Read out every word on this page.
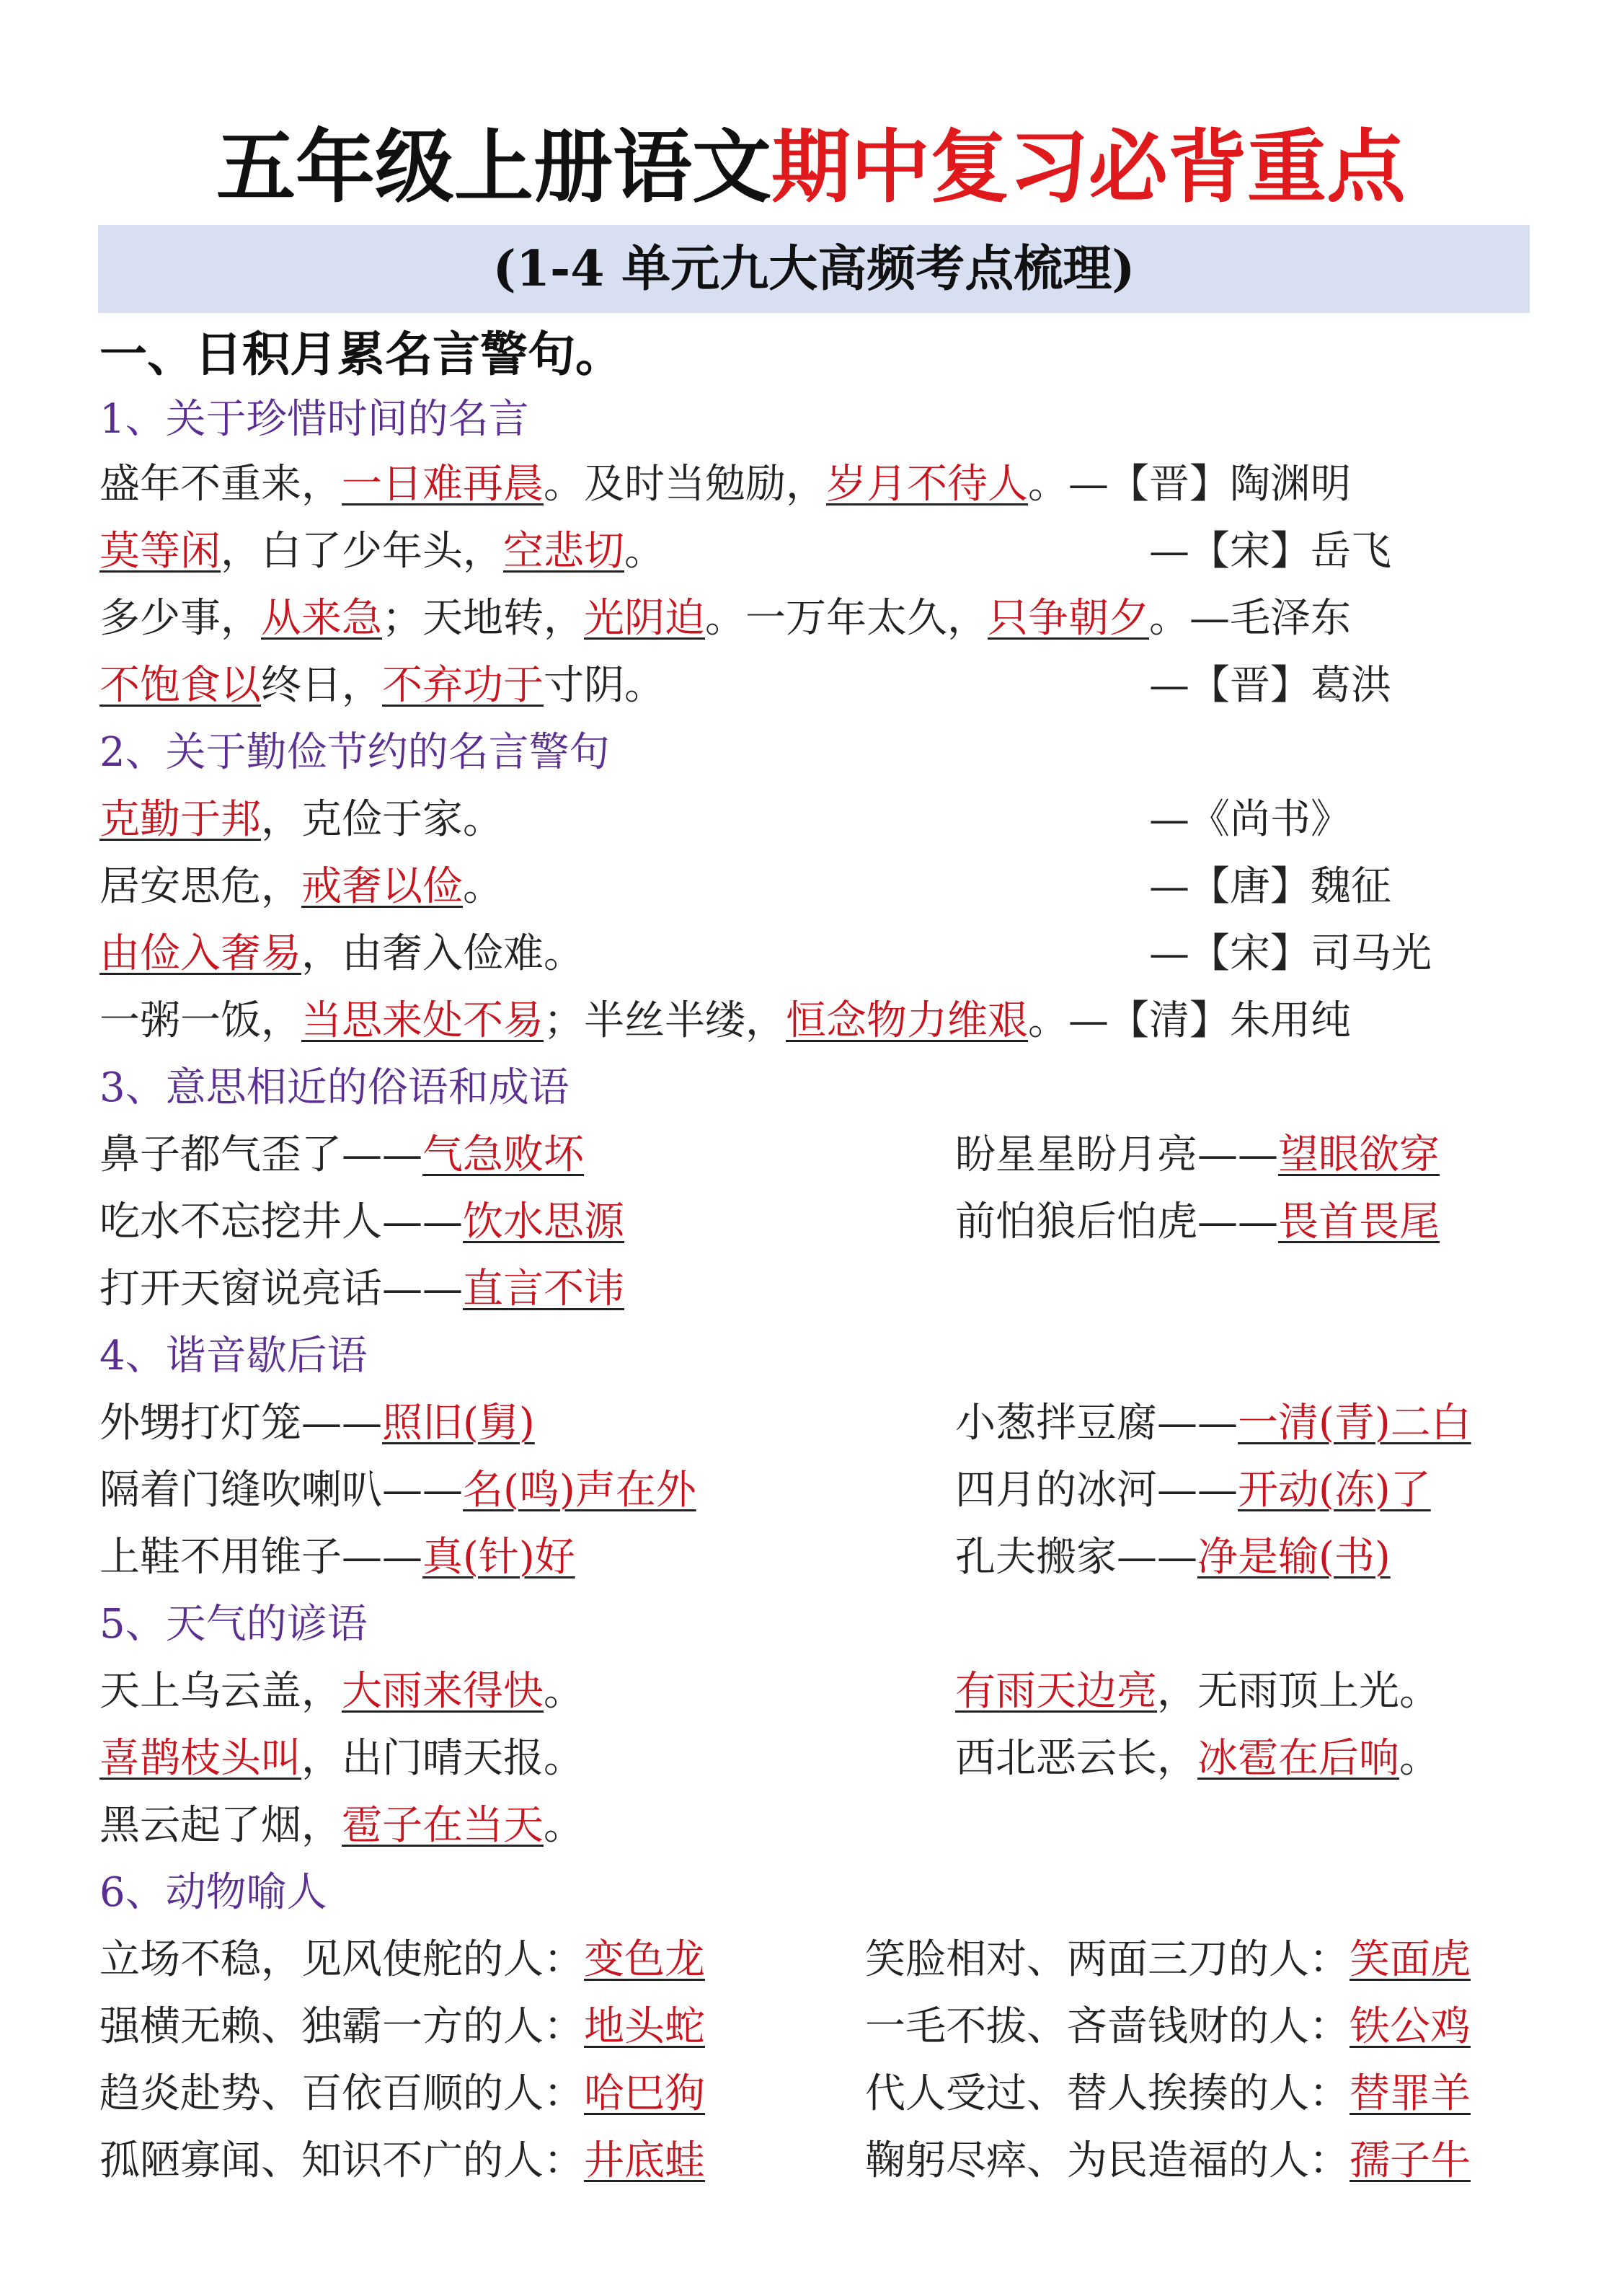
五年级上册语文期中复习必背重点
(1-4 单元九大高频考点梳理)
一、日积月累名言警句。
1、关于珍惜时间的名言
盛年不重来，一日难再晨。及时当勉励，岁月不待人。—【晋】陶渊明
莫等闲，白了少年头，空悲切。	—【宋】岳飞
多少事，从来急；天地转，光阴迫。一万年太久，只争朝夕。—毛泽东
不饱食以终日，不弃功于寸阴。	—【晋】葛洪
2、关于勤俭节约的名言警句
克勤于邦，克俭于家。	—《尚书》
居安思危，戒奢以俭。	—【唐】魏征
由俭入奢易，由奢入俭难。	—【宋】司马光
一粥一饭，当思来处不易；半丝半缕，恒念物力维艰。—【清】朱用纯
3、意思相近的俗语和成语
鼻子都气歪了——气急败坏	盼星星盼月亮——望眼欲穿
吃水不忘挖井人——饮水思源	前怕狼后怕虎——畏首畏尾
打开天窗说亮话——直言不讳
4、谐音歇后语
外甥打灯笼——照旧(舅)	小葱拌豆腐——一清(青)二白
隔着门缝吹喇叭——名(鸣)声在外	四月的冰河——开动(冻)了
上鞋不用锥子——真(针)好	孔夫搬家——净是输(书)
5、天气的谚语
天上乌云盖，大雨来得快。	有雨天边亮，无雨顶上光。
喜鹊枝头叫，出门晴天报。	西北恶云长，冰雹在后响。
黑云起了烟，雹子在当天。
6、动物喻人
立场不稳，见风使舵的人：变色龙	笑脸相对、两面三刀的人：笑面虎
强横无赖、独霸一方的人：地头蛇	一毛不拔、吝啬钱财的人：铁公鸡
趋炎赴势、百依百顺的人：哈巴狗	代人受过、替人挨揍的人：替罪羊
孤陋寡闻、知识不广的人：井底蛙	鞠躬尽瘁、为民造福的人：孺子牛
